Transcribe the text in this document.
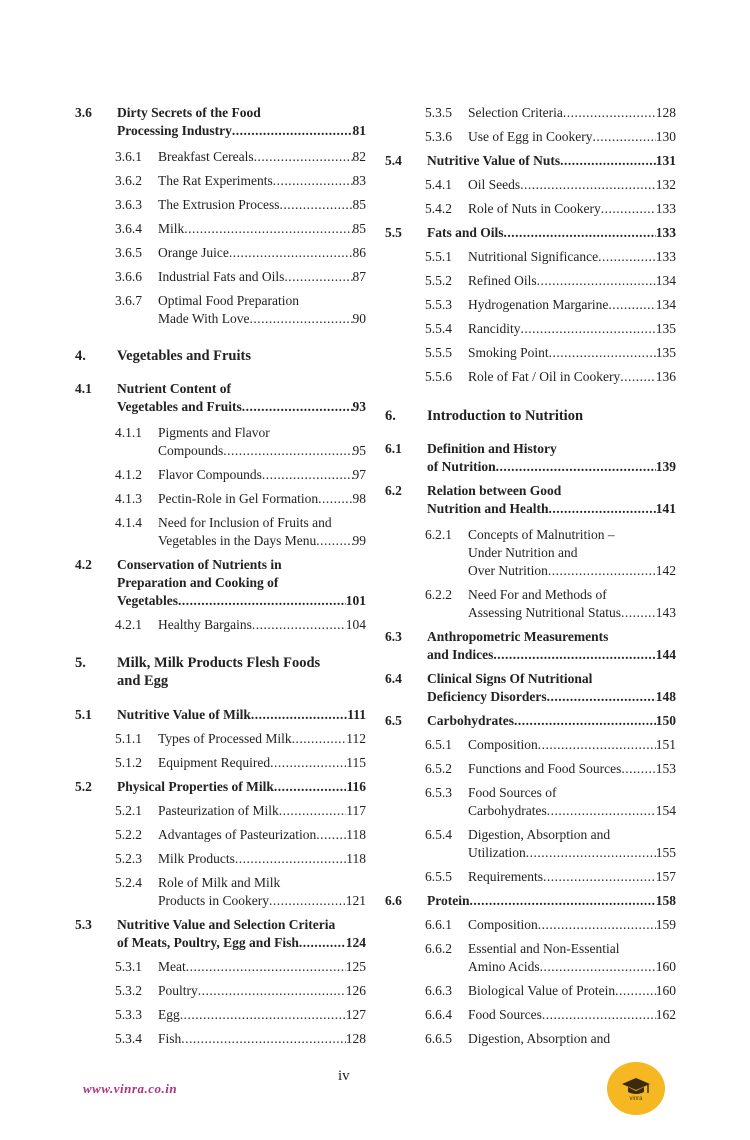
3.6 Dirty Secrets of the Food
Processing Industry .....	81
3.6.1 Breakfast Cereals .....	82
3.6.2 The Rat Experiments .....	83
3.6.3 The Extrusion Process .....	85
3.6.4 Milk .....	85
3.6.5 Orange Juice .....	86
3.6.6 Industrial Fats and Oils .....	87
3.6.7 Optimal Food Preparation
Made With Love .....	90
4. Vegetables and Fruits
4.1 Nutrient Content of
Vegetables and Fruits .....	93
4.1.1 Pigments and Flavor
Compounds .....	95
4.1.2 Flavor Compounds .....	97
4.1.3 Pectin-Role in Gel Formation .....	98
4.1.4 Need for Inclusion of Fruits and
Vegetables in the Days Menu .....	99
4.2 Conservation of Nutrients in
Preparation and Cooking of
Vegetables .....	101
4.2.1 Healthy Bargains .....	104
5. Milk, Milk Products Flesh Foods
and Egg
5.1 Nutritive Value of Milk .....	111
5.1.1 Types of Processed Milk .....	112
5.1.2 Equipment Required .....	115
5.2 Physical Properties of Milk .....	116
5.2.1 Pasteurization of Milk .....	117
5.2.2 Advantages of Pasteurization ..... 118
5.2.3 Milk Products .....	118
5.2.4 Role of Milk and Milk
Products in Cookery .....	121
5.3 Nutritive Value and Selection Criteria
of Meats, Poultry, Egg and Fish .....	124
5.3.1 Meat .....	125
5.3.2 Poultry .....	126
5.3.3 Egg .....	127
5.3.4 Fish .....	128
5.3.5 Selection Criteria .....	128
5.3.6 Use of Egg in Cookery .....	130
5.4 Nutritive Value of Nuts .....	131
5.4.1 Oil Seeds .....	132
5.4.2 Role of Nuts in Cookery .....	133
5.5 Fats and Oils .....	133
5.5.1 Nutritional Significance .....	133
5.5.2 Refined Oils .....	134
5.5.3 Hydrogenation Margarine .....	134
5.5.4 Rancidity .....	135
5.5.5 Smoking Point .....	135
5.5.6 Role of Fat / Oil in Cookery .....	136
6. Introduction to Nutrition
6.1 Definition and History
of Nutrition .....	139
6.2 Relation between Good
Nutrition and Health .....	141
6.2.1 Concepts of Malnutrition –
Under Nutrition and
Over Nutrition .....	142
6.2.2 Need For and Methods of
Assessing Nutritional Status .....	143
6.3 Anthropometric Measurements
and Indices .....	144
6.4 Clinical Signs Of Nutritional
Deficiency Disorders .....	148
6.5 Carbohydrates .....	150
6.5.1 Composition .....	151
6.5.2 Functions and Food Sources .....	153
6.5.3 Food Sources of
Carbohydrates .....	154
6.5.4 Digestion, Absorption and
Utilization .....	155
6.5.5 Requirements .....	157
6.6 Protein .....	158
6.6.1 Composition .....	159
6.6.2 Essential and Non-Essential
Amino Acids .....	160
6.6.3 Biological Value of Protein .....	160
6.6.4 Food Sources .....	162
6.6.5 Digestion, Absorption and
iv
www.vinra.co.in
vinra
